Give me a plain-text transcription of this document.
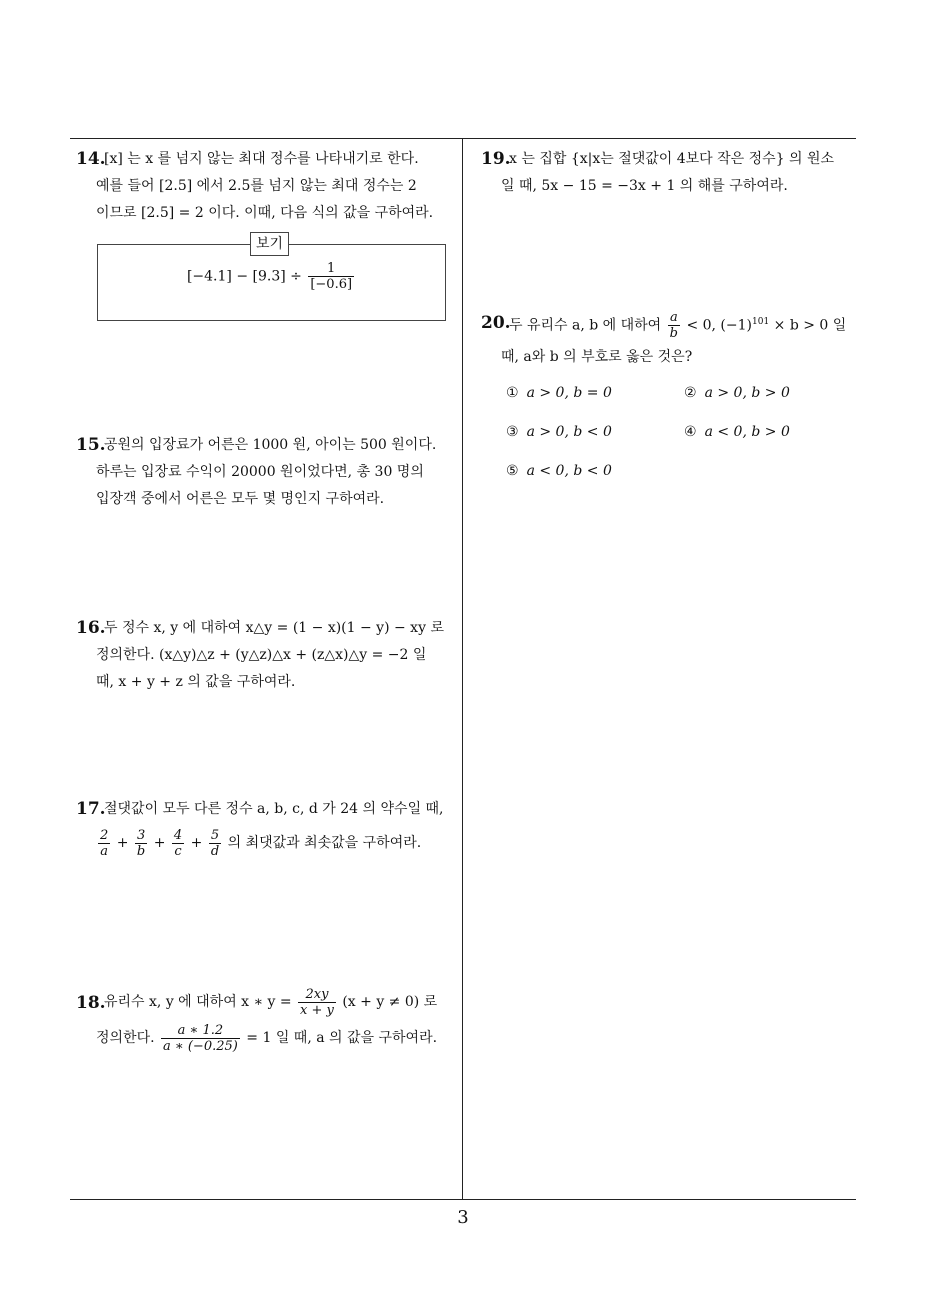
14.
[x] 는 x 를 넘지 않는 최대 정수를 나타내기로 한다.
예를 들어 [2.5] 에서 2.5를 넘지 않는 최대 정수는 2
이므로 [2.5] = 2 이다. 이때, 다음 식의 값을 구하여라.
$[-4.1] - [9.3] \div \frac{1}{[-0.6]}$
보기
15.
공원의 입장료가 어른은 1000 원, 아이는 500 원이다.
하루는 입장료 수익이 20000 원이었다면, 총 30 명의
입장객 중에서 어른은 모두 몇 명인지 구하여라.
16.
두 정수 x, y 에 대하여 x△y = (1 − x)(1 − y) − xy 로
정의한다. (x△y)△z + (y△z)△x + (z△x)△y = −2 일
때, x + y + z 의 값을 구하여라.
17.
절댓값이 모두 다른 정수 a, b, c, d 가 24 의 약수일 때,
$\frac{2}{a} + \frac{3}{b} + \frac{4}{c} + \frac{5}{d}$ 의 최댓값과 최솟값을 구하여라.
18.
유리수 x, y 에 대하여 x ∗ $y = \frac{2xy}{x + y} (x + y \ne 0)$ 로
정의한다. $\frac{a ∗ 1.2}{a ∗ (-0.25)} = 1$ 일 때, a 의 값을 구하여라.
19.
x 는 집합 {x|x는 절댓값이 4보다 작은 정수} 의 원소
일 때, 5x − 15 = −3x + 1 의 해를 구하여라.
20.
두 유리수 a, b 에 대하여 $\frac{a}{b} < 0$, $(-1)^{101} \times b > 0$ 일
때, a와 b 의 부호로 옳은 것은?
① a > 0, b = 0	② a > 0, b > 0
③ a > 0, b < 0	④ a < 0, b > 0
⑤ a < 0, b < 0
3
